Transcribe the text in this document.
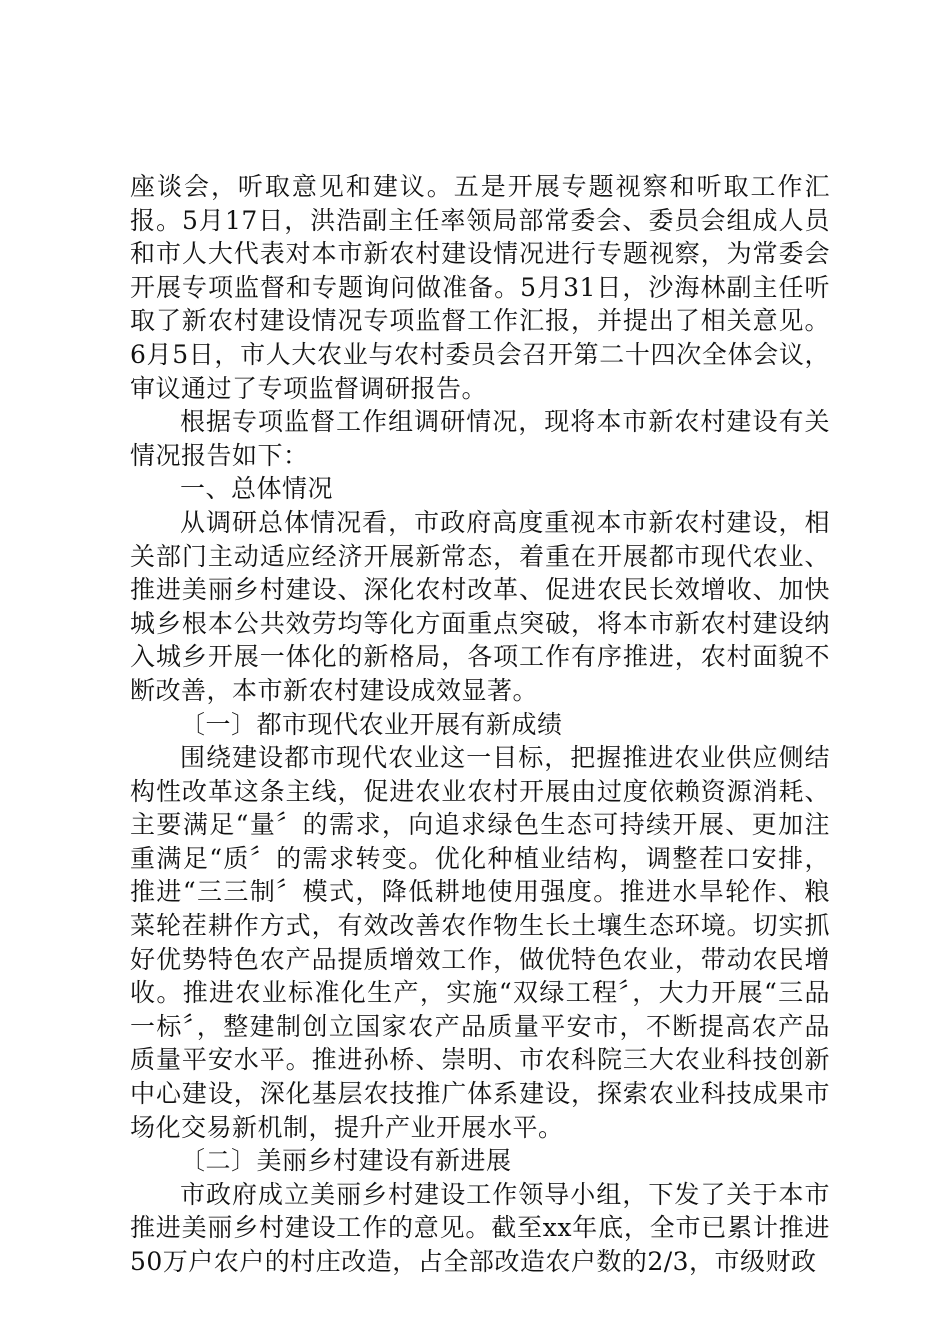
座谈会，听取意见和建议。五是开展专题视察和听取工作汇报。5月17日，洪浩副主任率领局部常委会、委员会组成人员和市人大代表对本市新农村建设情况进行专题视察，为常委会开展专项监督和专题询问做准备。5月31日，沙海林副主任听取了新农村建设情况专项监督工作汇报，并提出了相关意见。6月5日，市人大农业与农村委员会召开第二十四次全体会议，审议通过了专项监督调研报告。

根据专项监督工作组调研情况，现将本市新农村建设有关情况报告如下：

一、总体情况

从调研总体情况看，市政府高度重视本市新农村建设，相关部门主动适应经济开展新常态，着重在开展都市现代农业、推进美丽乡村建设、深化农村改革、促进农民长效增收、加快城乡根本公共效劳均等化方面重点突破，将本市新农村建设纳入城乡开展一体化的新格局，各项工作有序推进，农村面貌不断改善，本市新农村建设成效显著。

〔一〕都市现代农业开展有新成绩

围绕建设都市现代农业这一目标，把握推进农业供应侧结构性改革这条主线，促进农业农村开展由过度依赖资源消耗、主要满足“量〞的需求，向追求绿色生态可持续开展、更加注重满足“质〞的需求转变。优化种植业结构，调整茬口安排，推进“三三制〞模式，降低耕地使用强度。推进水旱轮作、粮菜轮茬耕作方式，有效改善农作物生长土壤生态环境。切实抓好优势特色农产品提质增效工作，做优特色农业，带动农民增收。推进农业标准化生产，实施“双绿工程〞，大力开展“三品一标〞，整建制创立国家农产品质量平安市，不断提高农产品质量平安水平。推进孙桥、崇明、市农科院三大农业科技创新中心建设，深化基层农技推广体系建设，探索农业科技成果市场化交易新机制，提升产业开展水平。

〔二〕美丽乡村建设有新进展

市政府成立美丽乡村建设工作领导小组，下发了关于本市推进美丽乡村建设工作的意见。截至xx年底，全市已累计推进50万户农户的村庄改造，占全部改造农户数的2/3，市级财政
